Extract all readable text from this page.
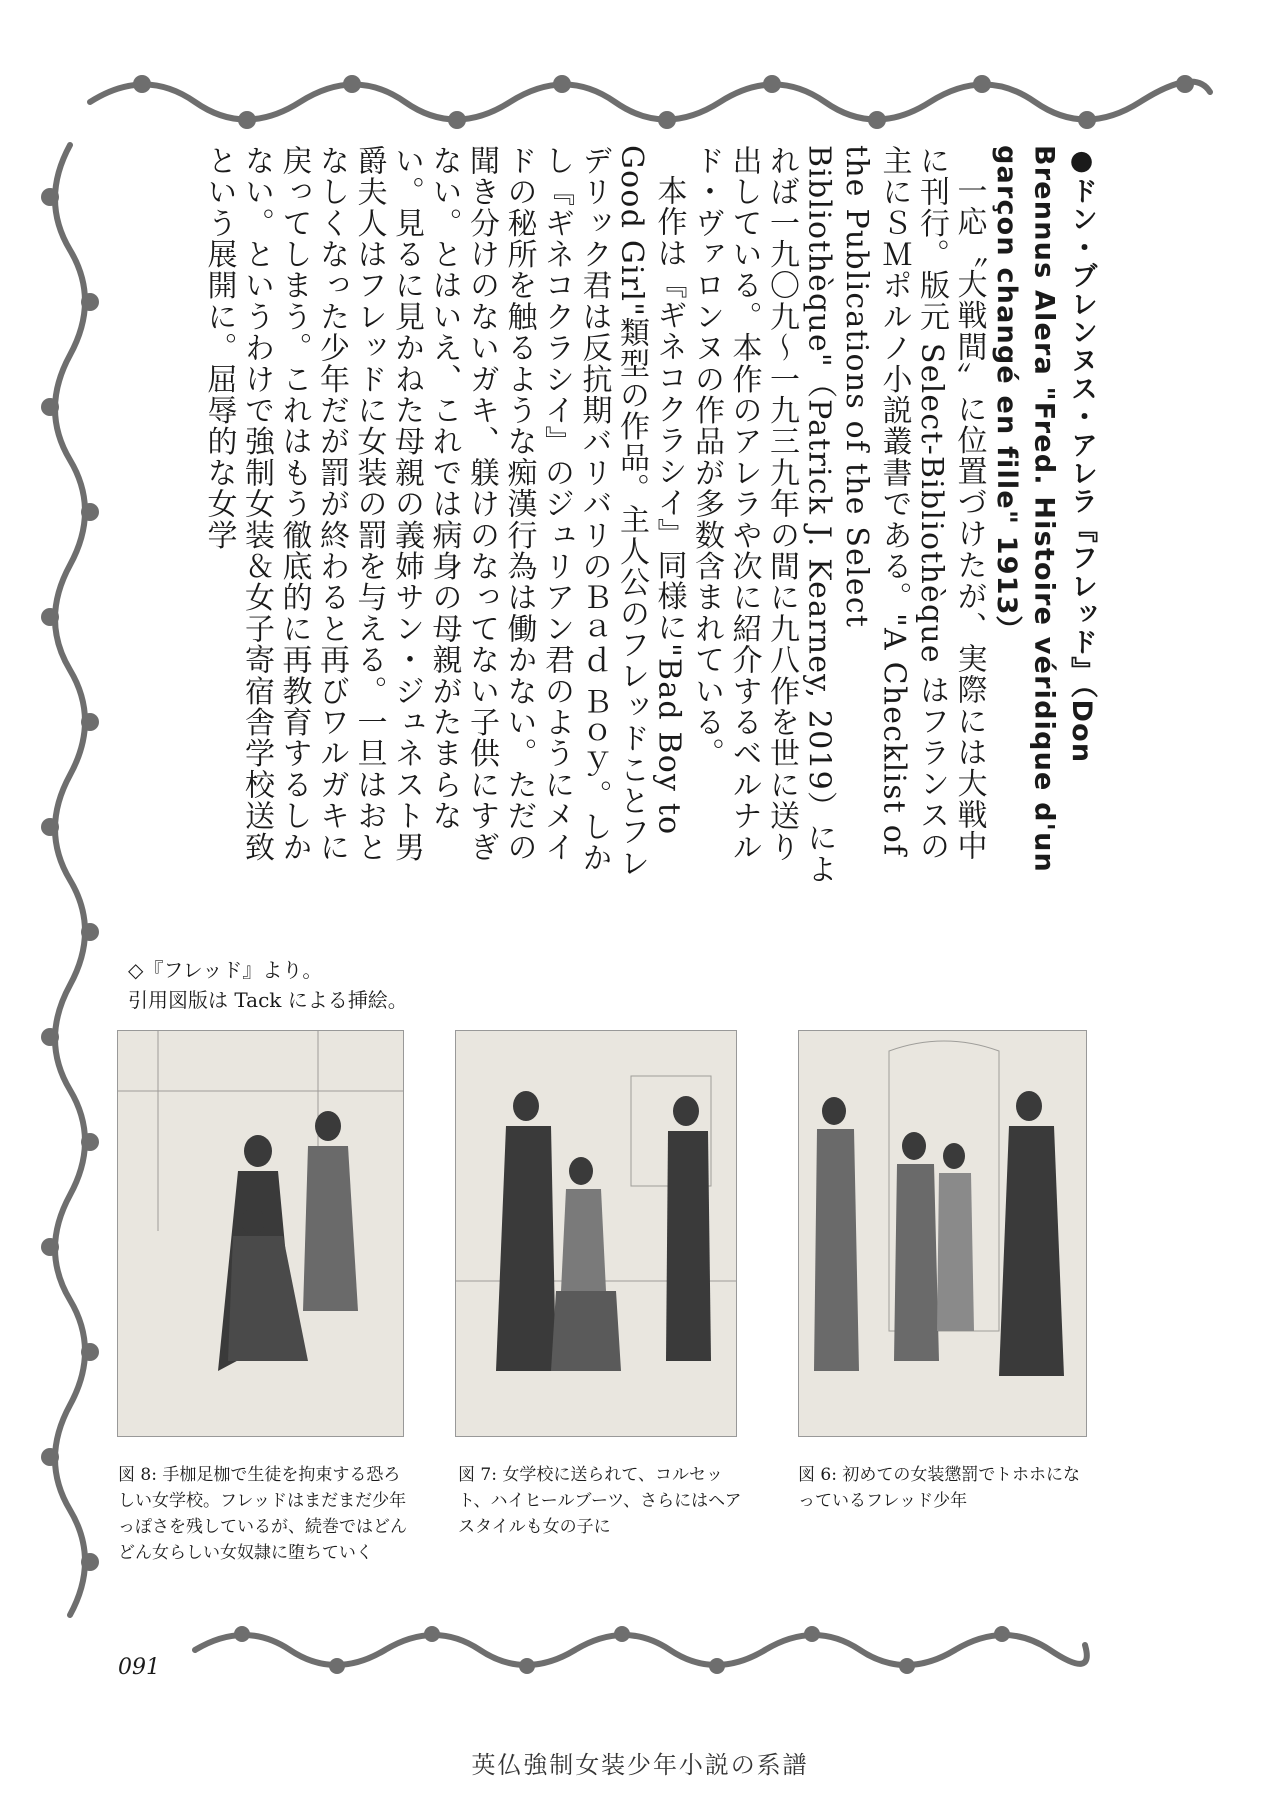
●ドン・ブレンヌス・アレラ『フレッド』（Don Brennus Alera "Fred. Histoire véridique d'un garçon changé en fille" 1913）

一応〝大戦間〟に位置づけたが、実際には大戦中に刊行。版元 Select-Bibliothèque はフランスの主にＳＭポルノ小説叢書である。"A Checklist of the Publications of the Select Bibliothèque"（Patrick J. Kearney, 2019）によれば一九〇九～一九三九年の間に九八作を世に送り出している。本作のアレラや次に紹介するベルナルド・ヴァロンヌの作品が多数含まれている。

本作は『ギネコクラシイ』同様に"Bad Boy to Good Girl"類型の作品。主人公のフレッドことフレデリック君は反抗期バリバリのＢａｄ Ｂｏｙ。しかし『ギネコクラシイ』のジュリアン君のようにメイドの秘所を触るような痴漢行為は働かない。ただの聞き分けのないガキ、躾けのなってない子供にすぎない。とはいえ、これでは病身の母親がたまらない。見るに見かねた母親の義姉サン・ジュネスト男爵夫人はフレッドに女装の罰を与える。一旦はおとなしくなった少年だが罰が終わると再びワルガキに戻ってしまう。これはもう徹底的に再教育するしかない。というわけで強制女装＆女子寄宿舎学校送致という展開に。屈辱的な女学

◇『フレッド』より。
引用図版は Tack による挿絵。
図 8: 手枷足枷で生徒を拘束する恐ろしい女学校。フレッドはまだまだ少年っぽさを残しているが、続巻ではどんどん女らしい女奴隷に堕ちていく
図 7: 女学校に送られて、コルセット、ハイヒールブーツ、さらにはヘアスタイルも女の子に
図 6: 初めての女装懲罰でトホホになっているフレッド少年
091
英仏強制女装少年小説の系譜
